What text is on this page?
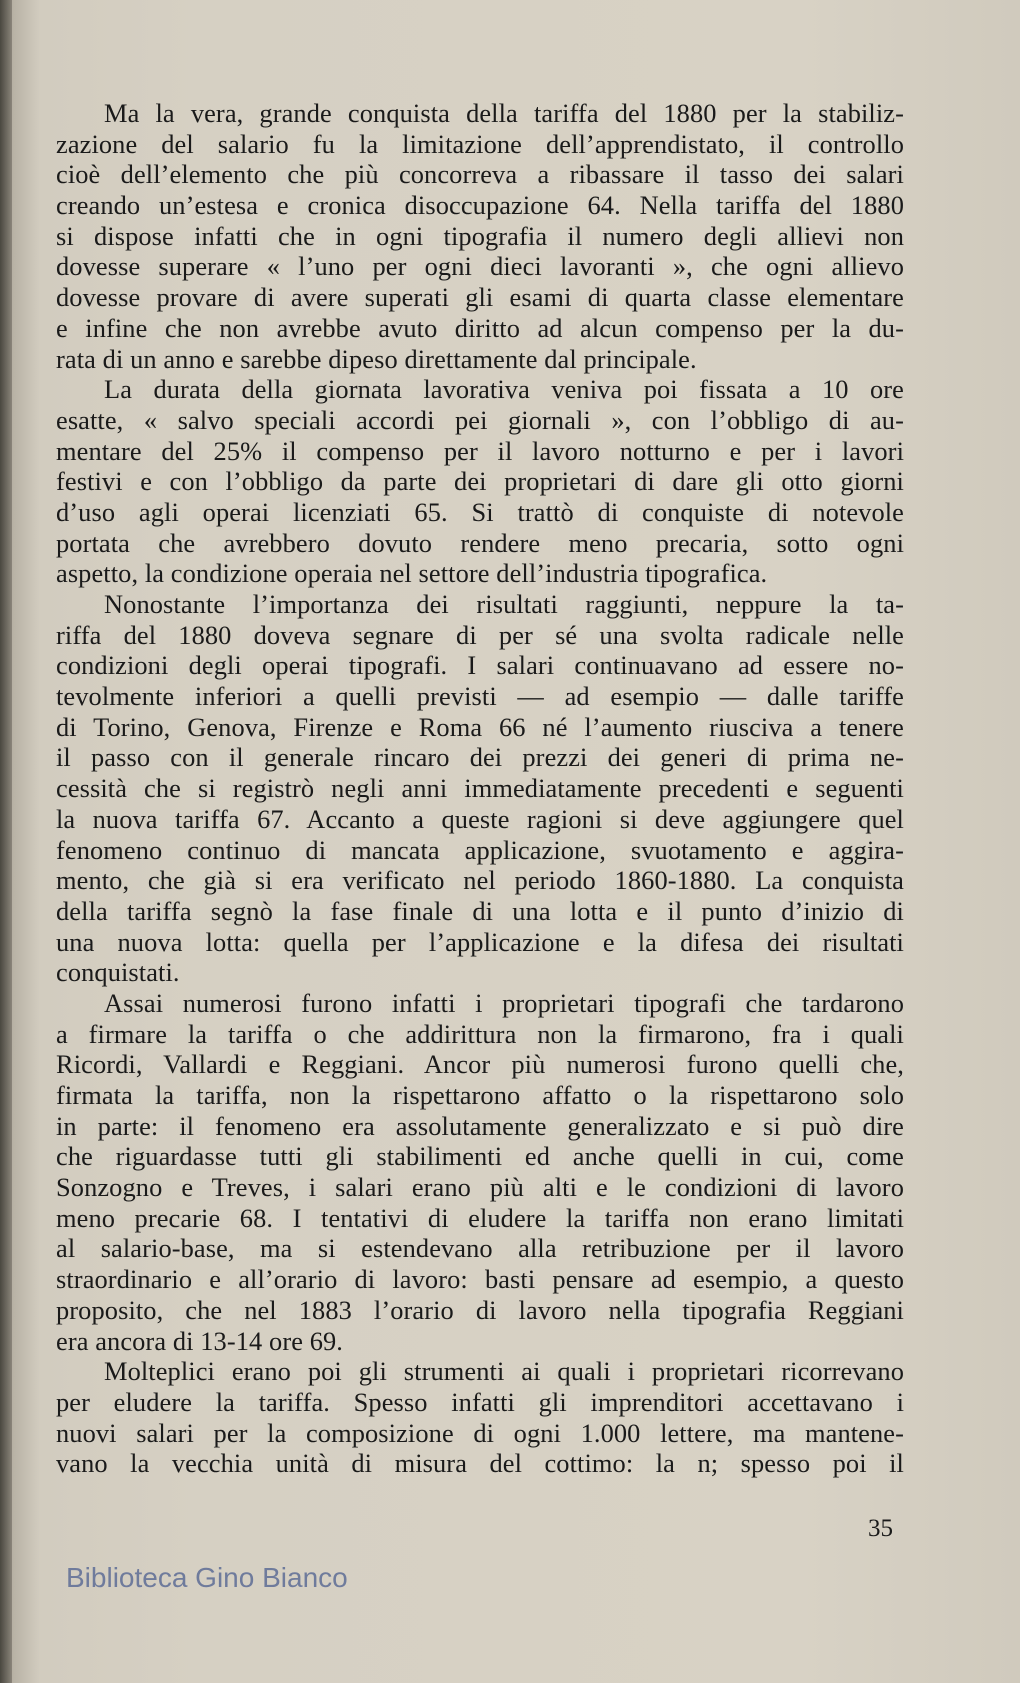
Ma la vera, grande conquista della tariffa del 1880 per la stabiliz-
zazione del salario fu la limitazione dell’apprendistato, il controllo
cioè dell’elemento che più concorreva a ribassare il tasso dei salari
creando un’estesa e cronica disoccupazione 64. Nella tariffa del 1880
si dispose infatti che in ogni tipografia il numero degli allievi non
dovesse superare « l’uno per ogni dieci lavoranti », che ogni allievo
dovesse provare di avere superati gli esami di quarta classe elementare
e infine che non avrebbe avuto diritto ad alcun compenso per la du-
rata di un anno e sarebbe dipeso direttamente dal principale.
La durata della giornata lavorativa veniva poi fissata a 10 ore
esatte, « salvo speciali accordi pei giornali », con l’obbligo di au-
mentare del 25% il compenso per il lavoro notturno e per i lavori
festivi e con l’obbligo da parte dei proprietari di dare gli otto giorni
d’uso agli operai licenziati 65. Si trattò di conquiste di notevole
portata che avrebbero dovuto rendere meno precaria, sotto ogni
aspetto, la condizione operaia nel settore dell’industria tipografica.
Nonostante l’importanza dei risultati raggiunti, neppure la ta-
riffa del 1880 doveva segnare di per sé una svolta radicale nelle
condizioni degli operai tipografi. I salari continuavano ad essere no-
tevolmente inferiori a quelli previsti — ad esempio — dalle tariffe
di Torino, Genova, Firenze e Roma 66 né l’aumento riusciva a tenere
il passo con il generale rincaro dei prezzi dei generi di prima ne-
cessità che si registrò negli anni immediatamente precedenti e seguenti
la nuova tariffa 67. Accanto a queste ragioni si deve aggiungere quel
fenomeno continuo di mancata applicazione, svuotamento e aggira-
mento, che già si era verificato nel periodo 1860-1880. La conquista
della tariffa segnò la fase finale di una lotta e il punto d’inizio di
una nuova lotta: quella per l’applicazione e la difesa dei risultati
conquistati.
Assai numerosi furono infatti i proprietari tipografi che tardarono
a firmare la tariffa o che addirittura non la firmarono, fra i quali
Ricordi, Vallardi e Reggiani. Ancor più numerosi furono quelli che,
firmata la tariffa, non la rispettarono affatto o la rispettarono solo
in parte: il fenomeno era assolutamente generalizzato e si può dire
che riguardasse tutti gli stabilimenti ed anche quelli in cui, come
Sonzogno e Treves, i salari erano più alti e le condizioni di lavoro
meno precarie 68. I tentativi di eludere la tariffa non erano limitati
al salario-base, ma si estendevano alla retribuzione per il lavoro
straordinario e all’orario di lavoro: basti pensare ad esempio, a questo
proposito, che nel 1883 l’orario di lavoro nella tipografia Reggiani
era ancora di 13-14 ore 69.
Molteplici erano poi gli strumenti ai quali i proprietari ricorrevano
per eludere la tariffa. Spesso infatti gli imprenditori accettavano i
nuovi salari per la composizione di ogni 1.000 lettere, ma mantene-
vano la vecchia unità di misura del cottimo: la n; spesso poi il
35
Biblioteca Gino Bianco
